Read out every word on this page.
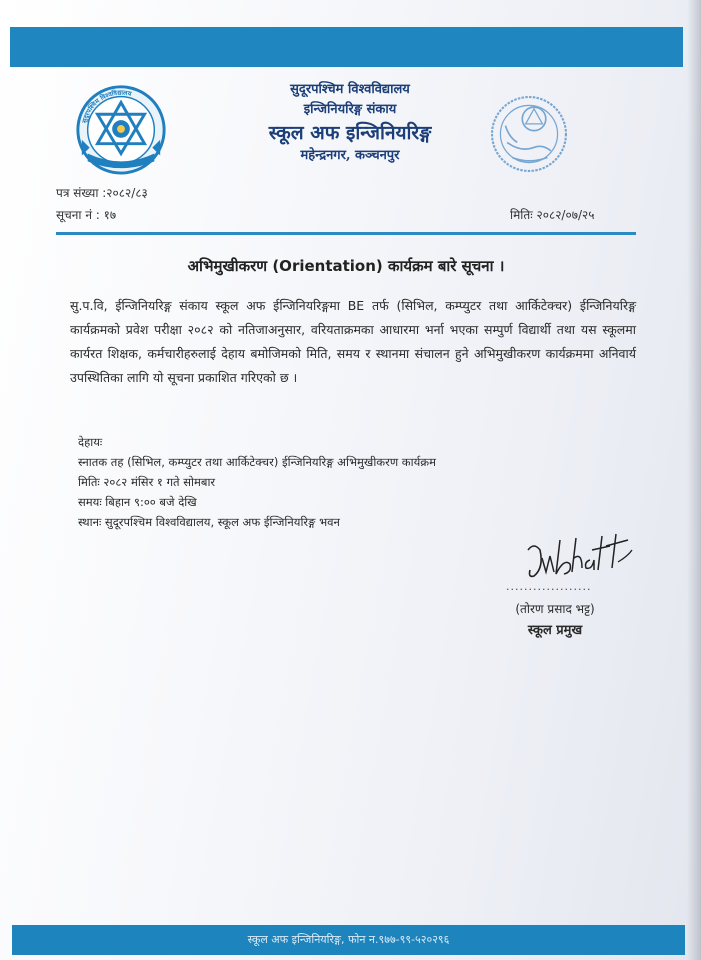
सुदूरपश्चिम विश्वविद्यालय	सुदूरपश्चिम विश्वविद्यालय
इन्जिनियरिङ्ग संकाय
स्कूल अफ इन्जिनियरिङ्ग
महेन्द्रनगर, कञ्चनपुर
पत्र संख्या :२०८२/८३
सूचना नं : १७	मितिः २०८२/०७/२५
अभिमुखीकरण (Orientation) कार्यक्रम बारे सूचना ।
सु.प.वि, ईन्जिनियरिङ्ग संकाय स्कूल अफ ईन्जिनियरिङ्गमा BE तर्फ (सिभिल, कम्प्युटर तथा आर्किटेक्चर) ईन्जिनियरिङ्ग कार्यक्रमको प्रवेश परीक्षा २०८२ को नतिजाअनुसार, वरियताक्रमका आधारमा भर्ना भएका सम्पुर्ण विद्यार्थी तथा यस स्कूलमा कार्यरत शिक्षक, कर्मचारीहरुलाई देहाय बमोजिमको मिति, समय र स्थानमा संचालन हुने अभिमुखीकरण कार्यक्रममा अनिवार्य उपस्थितिका लागि यो सूचना प्रकाशित गरिएको छ ।
देहायः
स्नातक तह (सिभिल, कम्प्युटर तथा आर्किटेक्चर) ईन्जिनियरिङ्ग अभिमुखीकरण कार्यक्रम
मितिः २०८२ मंसिर १ गते सोमबार
समयः बिहान ९:०० बजे देखि
स्थानः सुदूरपश्चिम विश्वविद्यालय, स्कूल अफ ईन्जिनियरिङ्ग भवन
...................
(तोरण प्रसाद भट्ट)
स्कूल प्रमुख
स्कूल अफ इन्जिनियरिङ्ग, फोन न.९७७-९९-५२०२९६
